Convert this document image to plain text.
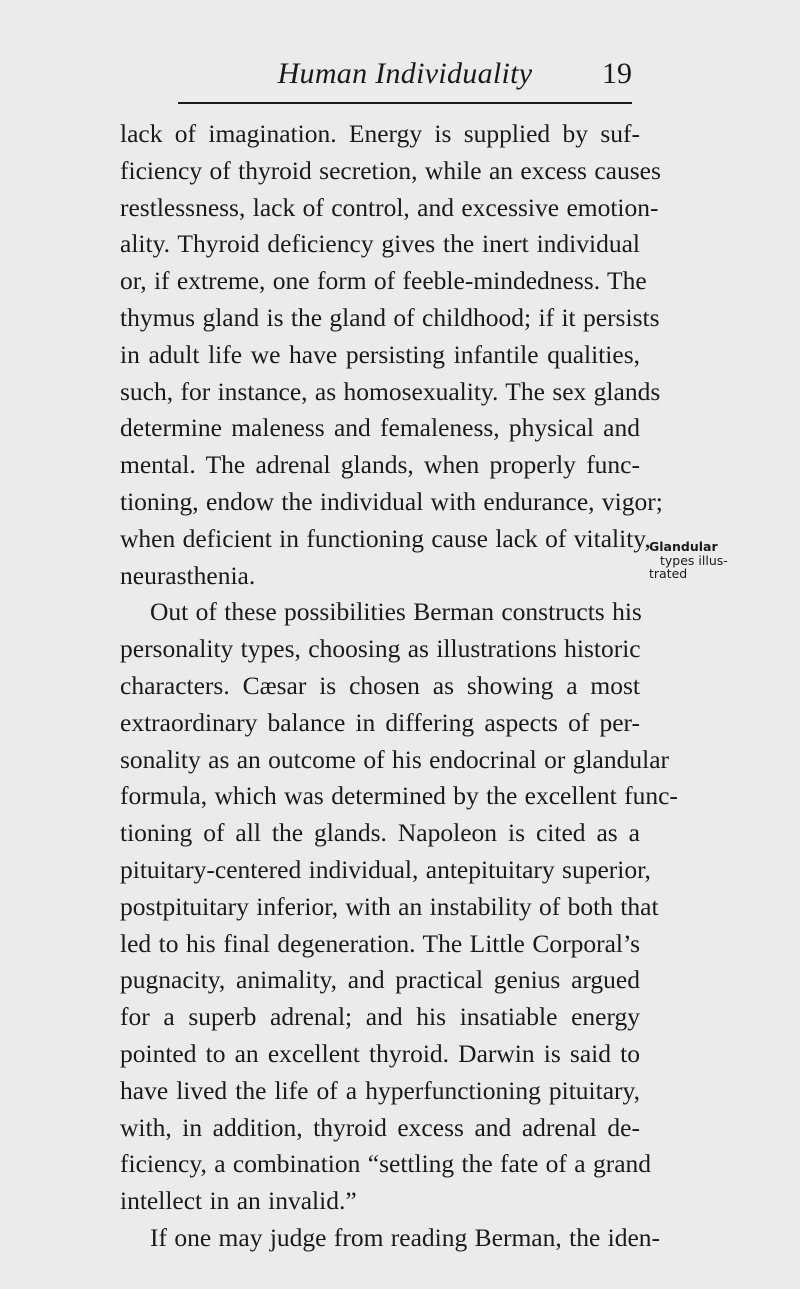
Human Individuality	19
lack of imagination. Energy is supplied by suf-
ficiency of thyroid secretion, while an excess causes
restlessness, lack of control, and excessive emotion-
ality. Thyroid deficiency gives the inert individual
or, if extreme, one form of feeble-mindedness. The
thymus gland is the gland of childhood; if it persists
in adult life we have persisting infantile qualities,
such, for instance, as homosexuality. The sex glands
determine maleness and femaleness, physical and
mental. The adrenal glands, when properly func-
tioning, endow the individual with endurance, vigor;
when deficient in functioning cause lack of vitality,
neurasthenia.
Out of these possibilities Berman constructs his
personality types, choosing as illustrations historic
characters. Cæsar is chosen as showing a most
extraordinary balance in differing aspects of per-
sonality as an outcome of his endocrinal or glandular
formula, which was determined by the excellent func-
tioning of all the glands. Napoleon is cited as a
pituitary-centered individual, antepituitary superior,
postpituitary inferior, with an instability of both that
led to his final degeneration. The Little Corporal’s
pugnacity, animality, and practical genius argued
for a superb adrenal; and his insatiable energy
pointed to an excellent thyroid. Darwin is said to
have lived the life of a hyperfunctioning pituitary,
with, in addition, thyroid excess and adrenal de-
ficiency, a combination “settling the fate of a grand
intellect in an invalid.”
If one may judge from reading Berman, the iden-
Glandular
types illus-
trated
